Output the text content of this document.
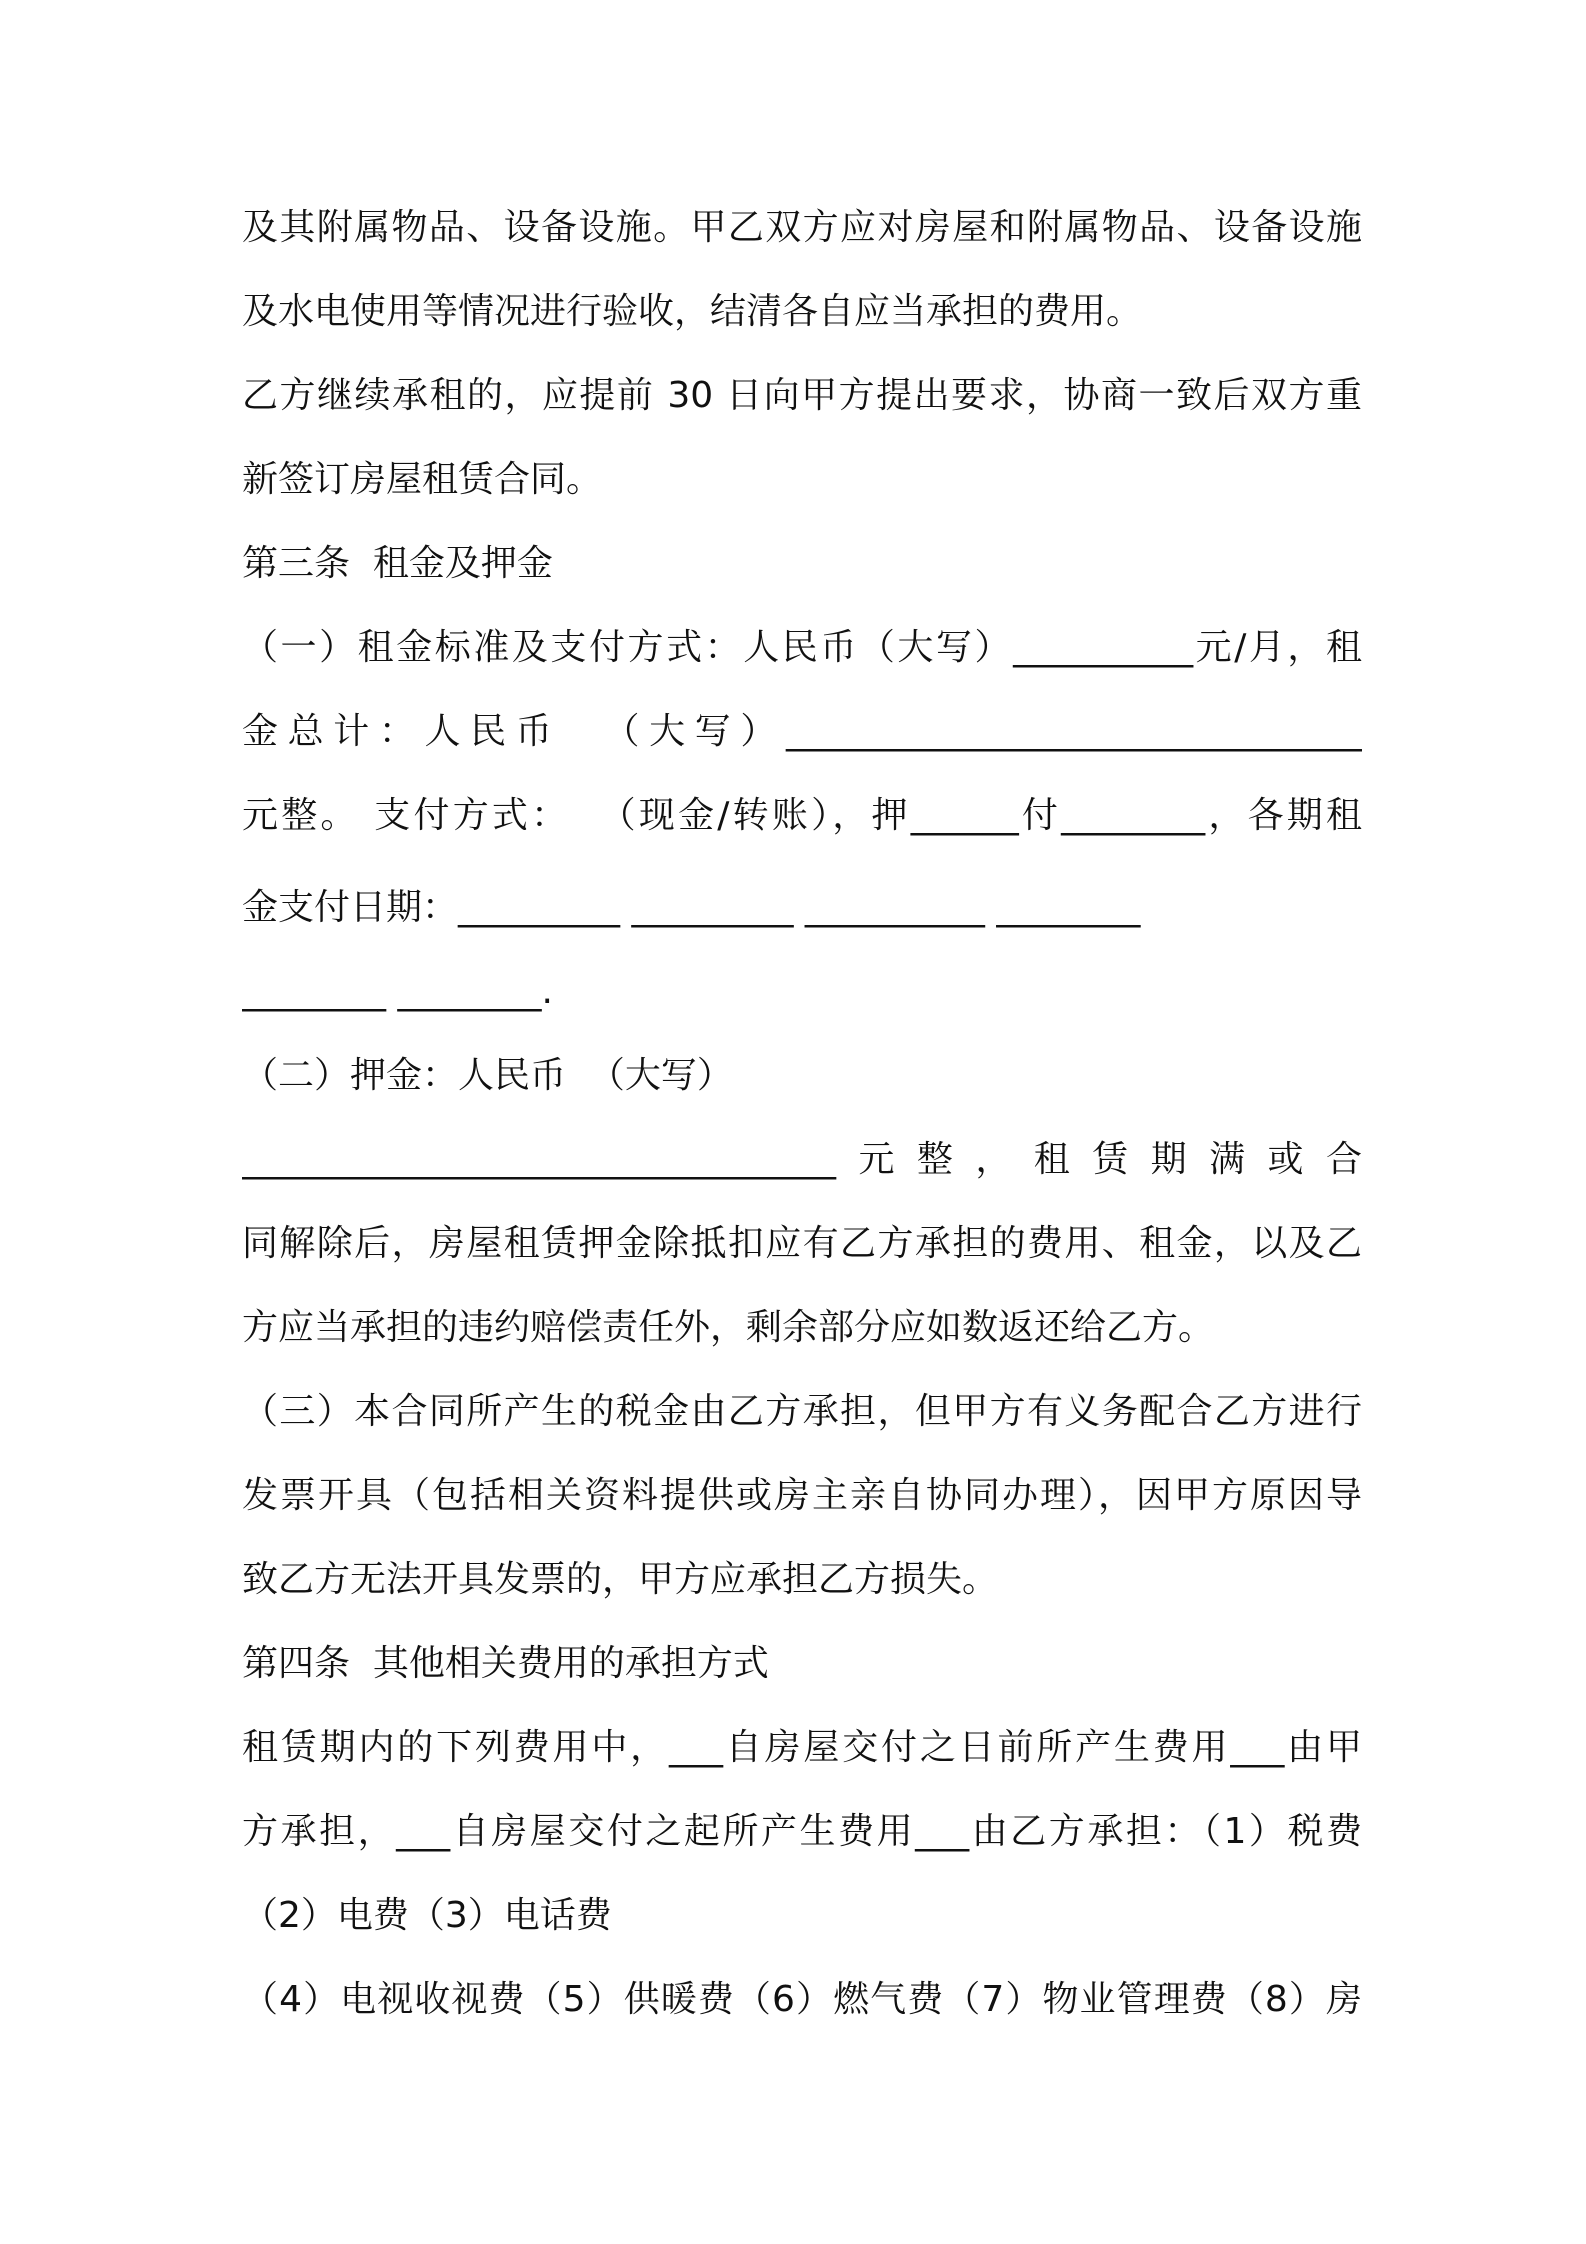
及其附属物品、设备设施。甲乙双方应对房屋和附属物品、设备设施
及水电使用等情况进行验收，结清各自应当承担的费用。
乙方继续承租的，应提前 30 日向甲方提出要求，协商一致后双方重
新签订房屋租赁合同。
第三条  租金及押金
（一）租金标准及支付方式：人民币（大写）__________元/月，租
金总计：人民币  （大写）________________________________
元整。 支付方式：  （现金/转账），押______付________，各期租
金支付日期：_________ _________ __________ ________
________ ________.
（二）押金：人民币  （大写）
_________________________________元整，租赁期满或合
同解除后，房屋租赁押金除抵扣应有乙方承担的费用、租金，以及乙
方应当承担的违约赔偿责任外，剩余部分应如数返还给乙方。
（三）本合同所产生的税金由乙方承担，但甲方有义务配合乙方进行
发票开具（包括相关资料提供或房主亲自协同办理），因甲方原因导
致乙方无法开具发票的，甲方应承担乙方损失。
第四条  其他相关费用的承担方式
租赁期内的下列费用中，___自房屋交付之日前所产生费用___由甲
方承担，___自房屋交付之起所产生费用___由乙方承担：（1）税费
（2）电费（3）电话费
（4）电视收视费（5）供暖费（6）燃气费（7）物业管理费（8）房
